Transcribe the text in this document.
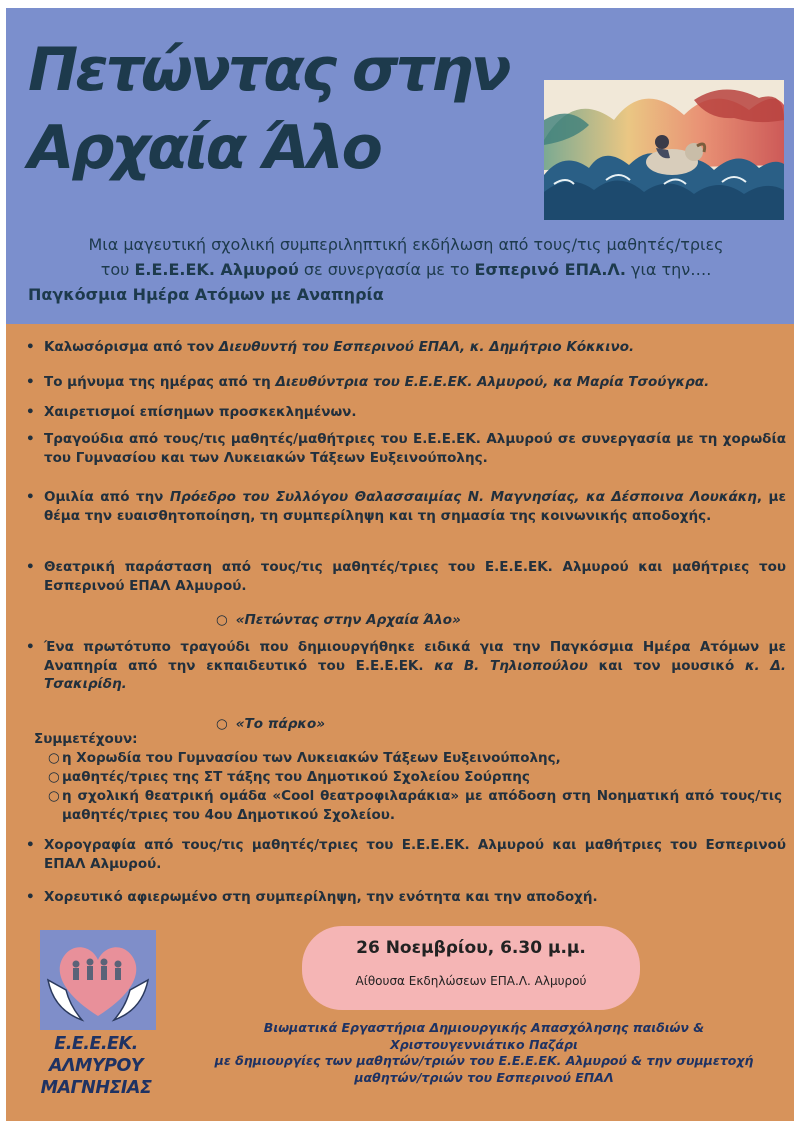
Πετώντας στην
Αρχαία Άλο
Μια μαγευτική σχολική συμπεριληπτική εκδήλωση από τους/τις μαθητές/τριες
του Ε.Ε.Ε.ΕΚ. Αλμυρού σε συνεργασία με το Εσπερινό ΕΠΑ.Λ. για την….
Παγκόσμια Ημέρα Ατόμων με Αναπηρία
• Καλωσόρισμα από τον Διευθυντή του Εσπερινού ΕΠΑΛ, κ. Δημήτριο Κόκκινο.
• Το μήνυμα της ημέρας από τη Διευθύντρια του Ε.Ε.Ε.ΕΚ. Αλμυρού, κα Μαρία Τσούγκρα.
• Χαιρετισμοί επίσημων προσκεκλημένων.
• Τραγούδια από τους/τις μαθητές/μαθήτριες του Ε.Ε.Ε.ΕΚ. Αλμυρού σε συνεργασία με τη χορωδία του Γυμνασίου και των Λυκειακών Τάξεων Ευξεινούπολης.
• Ομιλία από την Πρόεδρο του Συλλόγου Θαλασσαιμίας Ν. Μαγνησίας, κα Δέσποινα Λουκάκη, με θέμα την ευαισθητοποίηση, τη συμπερίληψη και τη σημασία της κοινωνικής αποδοχής.
• Θεατρική παράσταση από τους/τις μαθητές/τριες του Ε.Ε.Ε.ΕΚ. Αλμυρού και μαθήτριες του Εσπερινού ΕΠΑΛ Αλμυρού.
○ «Πετώντας στην Αρχαία Άλο»
• Ένα πρωτότυπο τραγούδι που δημιουργήθηκε ειδικά για την Παγκόσμια Ημέρα Ατόμων με Αναπηρία από την εκπαιδευτικό του Ε.Ε.Ε.ΕΚ. κα Β. Τηλιοπούλου και τον μουσικό κ. Δ. Τσακιρίδη.
○ «Το πάρκο»
Συμμετέχουν:
○ η Χορωδία του Γυμνασίου των Λυκειακών Τάξεων Ευξεινούπολης,
○ μαθητές/τριες της ΣΤ τάξης του Δημοτικού Σχολείου Σούρπης
○ η σχολική θεατρική ομάδα «Cool θεατροφιλαράκια» με απόδοση στη Νοηματική από τους/τις μαθητές/τριες του 4ου Δημοτικού Σχολείου.
• Χορογραφία από τους/τις μαθητές/τριες του Ε.Ε.Ε.ΕΚ. Αλμυρού και μαθήτριες του Εσπερινού ΕΠΑΛ Αλμυρού.
• Χορευτικό αφιερωμένο στη συμπερίληψη, την ενότητα και την αποδοχή.
Ε.Ε.Ε.ΕΚ.
ΑΛΜΥΡΟΥ
ΜΑΓΝΗΣΙΑΣ
26 Νοεμβρίου, 6.30 μ.μ.
Αίθουσα Εκδηλώσεων ΕΠΑ.Λ. Αλμυρού
Βιωματικά Εργαστήρια Δημιουργικής Απασχόλησης παιδιών &
Χριστουγεννιάτικο Παζάρι
με δημιουργίες των μαθητών/τριών του Ε.Ε.Ε.ΕΚ. Αλμυρού & την συμμετοχή
μαθητών/τριών του Εσπερινού ΕΠΑΛ
